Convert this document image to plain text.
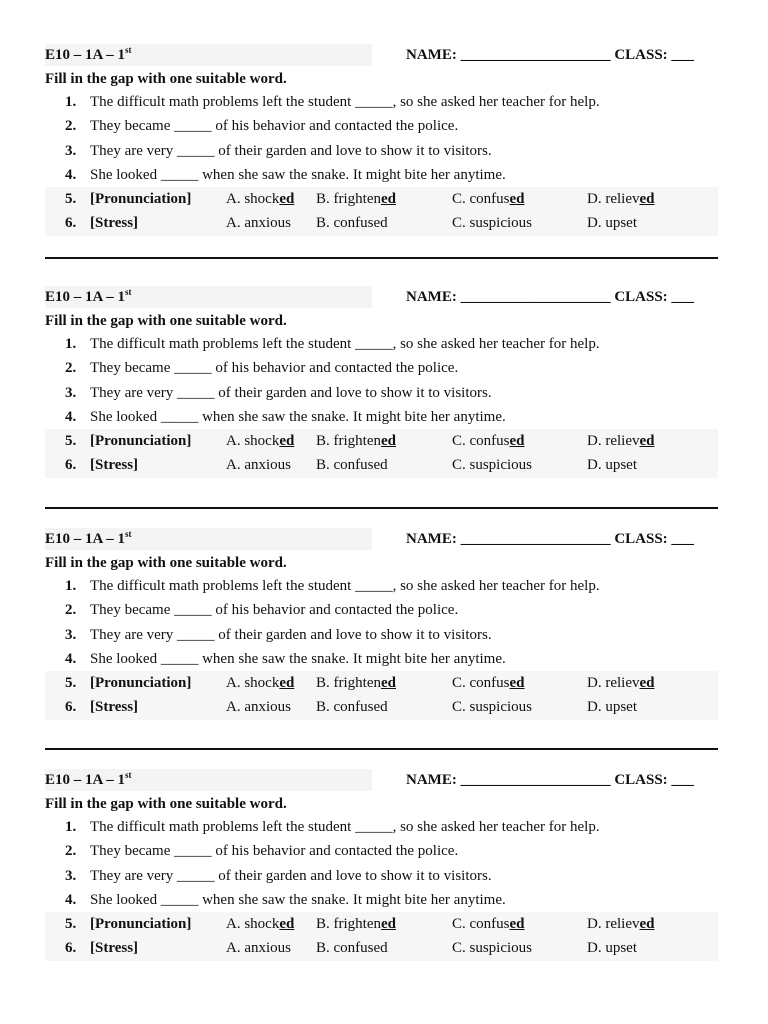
E10 – 1A – 1st	NAME: ____________________ CLASS: ___
Fill in the gap with one suitable word.
1. The difficult math problems left the student _____, so she asked her teacher for help.
2. They became _____ of his behavior and contacted the police.
3. They are very _____ of their garden and love to show it to visitors.
4. She looked _____ when she saw the snake. It might bite her anytime.
5. [Pronunciation] A. shocked B. frightened	C. confused	D. relieved
6. [Stress]	A. anxious B. confused	C. suspicious	D. upset
E10 – 1A – 1st	NAME: ____________________ CLASS: ___
Fill in the gap with one suitable word.
1. The difficult math problems left the student _____, so she asked her teacher for help.
2. They became _____ of his behavior and contacted the police.
3. They are very _____ of their garden and love to show it to visitors.
4. She looked _____ when she saw the snake. It might bite her anytime.
5. [Pronunciation] A. shocked B. frightened	C. confused	D. relieved
6. [Stress]	A. anxious B. confused	C. suspicious	D. upset
E10 – 1A – 1st	NAME: ____________________ CLASS: ___
Fill in the gap with one suitable word.
1. The difficult math problems left the student _____, so she asked her teacher for help.
2. They became _____ of his behavior and contacted the police.
3. They are very _____ of their garden and love to show it to visitors.
4. She looked _____ when she saw the snake. It might bite her anytime.
5. [Pronunciation] A. shocked B. frightened	C. confused	D. relieved
6. [Stress]	A. anxious B. confused	C. suspicious	D. upset
E10 – 1A – 1st	NAME: ____________________ CLASS: ___
Fill in the gap with one suitable word.
1. The difficult math problems left the student _____, so she asked her teacher for help.
2. They became _____ of his behavior and contacted the police.
3. They are very _____ of their garden and love to show it to visitors.
4. She looked _____ when she saw the snake. It might bite her anytime.
5. [Pronunciation] A. shocked B. frightened	C. confused	D. relieved
6. [Stress]	A. anxious B. confused	C. suspicious	D. upset
